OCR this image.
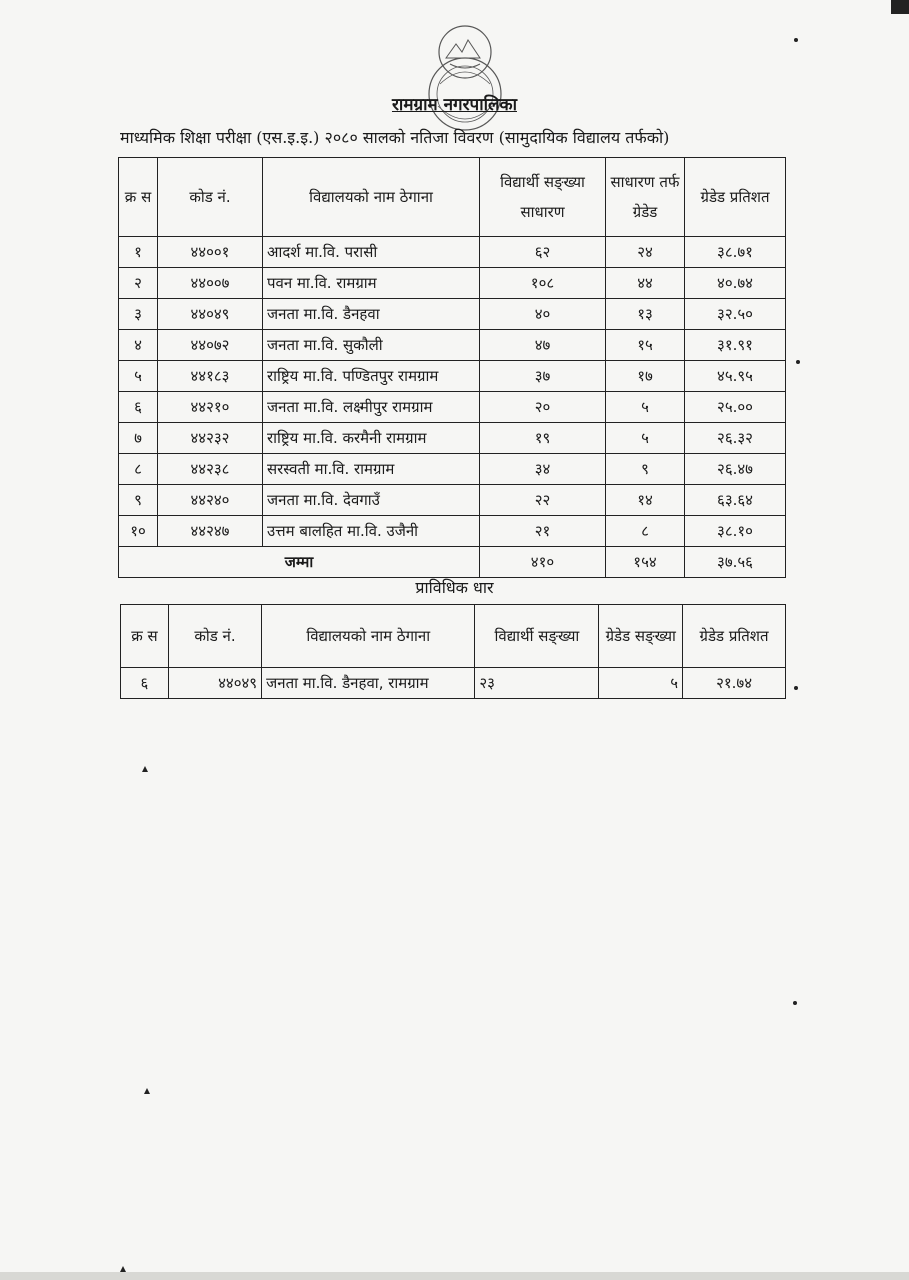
रामग्राम नगरपालिका
माध्यमिक शिक्षा परीक्षा (एस.इ.इ.) २०८० सालको नतिजा विवरण (सामुदायिक विद्यालय तर्फको)
क्र स	कोड नं.	विद्यालयको नाम ठेगाना	विद्यार्थी सङ्ख्या साधारण	साधारण तर्फ ग्रेडेड	ग्रेडेड प्रतिशत
१	४४००१	आदर्श मा.वि. परासी	६२	२४	३८.७१
२	४४००७	पवन मा.वि. रामग्राम	१०८	४४	४०.७४
३	४४०४९	जनता मा.वि. डैनहवा	४०	१३	३२.५०
४	४४०७२	जनता मा.वि. सुकौली	४७	१५	३१.९१
५	४४१८३	राष्ट्रिय मा.वि. पण्डितपुर रामग्राम	३७	१७	४५.९५
६	४४२१०	जनता मा.वि. लक्ष्मीपुर रामग्राम	२०	५	२५.००
७	४४२३२	राष्ट्रिय मा.वि. करमैनी रामग्राम	१९	५	२६.३२
८	४४२३८	सरस्वती मा.वि. रामग्राम	३४	९	२६.४७
९	४४२४०	जनता मा.वि. देवगाउँ	२२	१४	६३.६४
१०	४४२४७	उत्तम बालहित मा.वि. उजैनी	२१	८	३८.१०
जम्मा			४१०	१५४	३७.५६
प्राविधिक धार
क्र स	कोड नं.	विद्यालयको नाम ठेगाना	विद्यार्थी सङ्ख्या	ग्रेडेड सङ्ख्या	ग्रेडेड प्रतिशत
६	४४०४९	जनता मा.वि. डैनहवा, रामग्राम	२३	५	२१.७४
